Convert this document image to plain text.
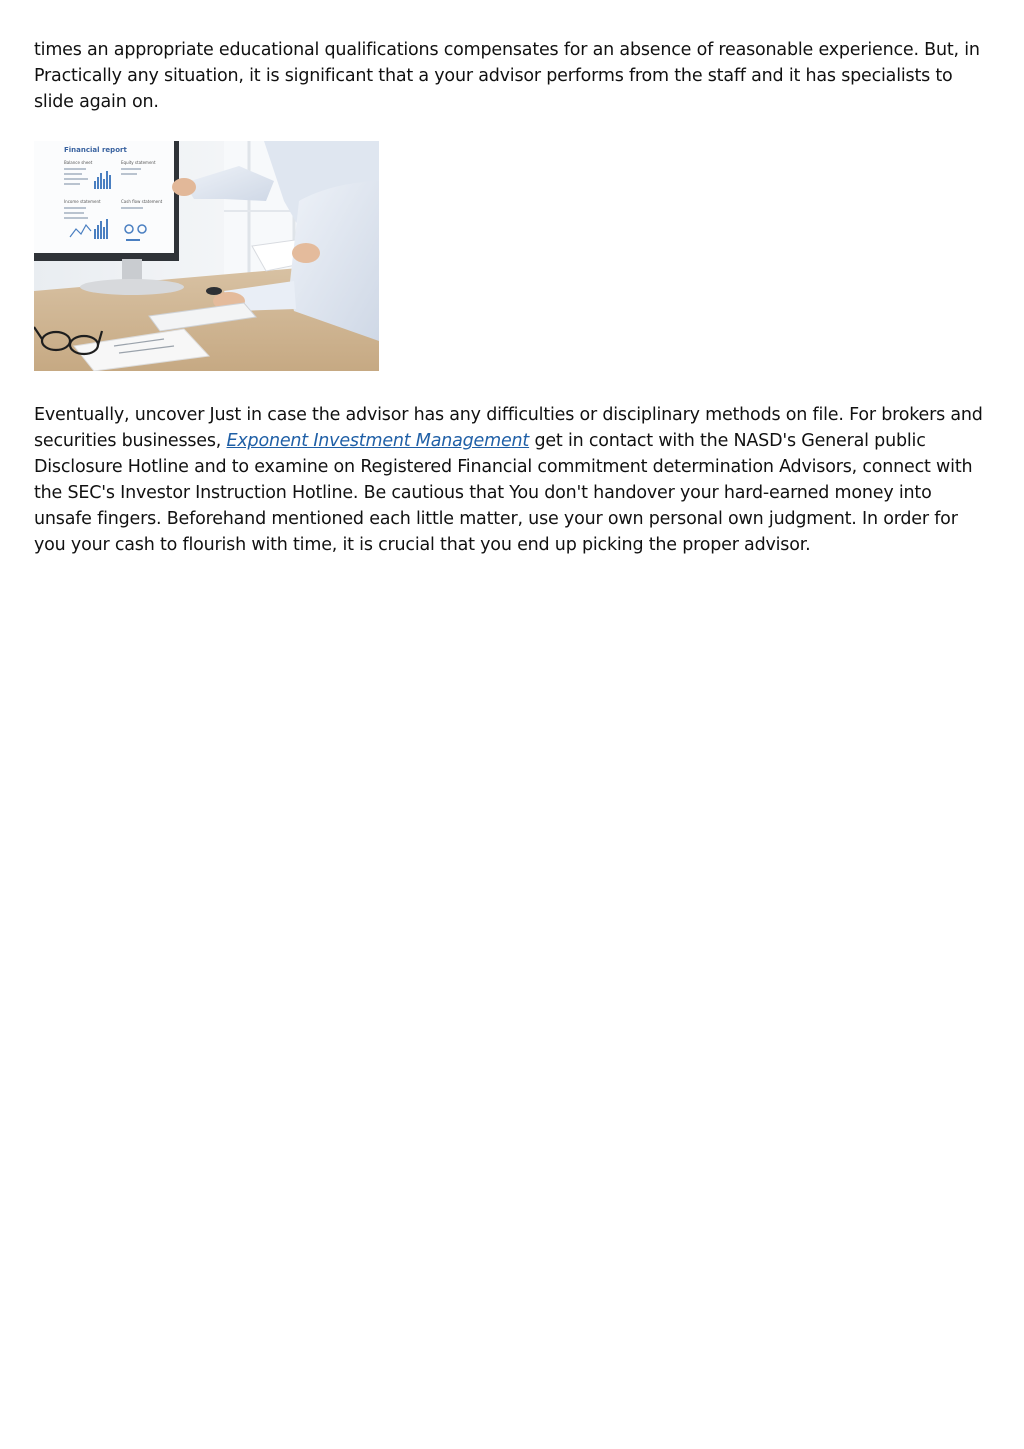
times an appropriate educational qualifications compensates for an absence of reasonable experience. But, in Practically any situation, it is significant that a your advisor performs from the staff and it has specialists to slide again on.

Financial report
Balance sheet	Equity statement
Income statement	Cash flow statement

Eventually, uncover Just in case the advisor has any difficulties or disciplinary methods on file. For brokers and securities businesses, Exponent Investment Management get in contact with the NASD's General public Disclosure Hotline and to examine on Registered Financial commitment determination Advisors, connect with the SEC's Investor Instruction Hotline. Be cautious that You don't handover your hard-earned money into unsafe fingers. Beforehand mentioned each little matter, use your own personal own judgment. In order for you your cash to flourish with time, it is crucial that you end up picking the proper advisor.
